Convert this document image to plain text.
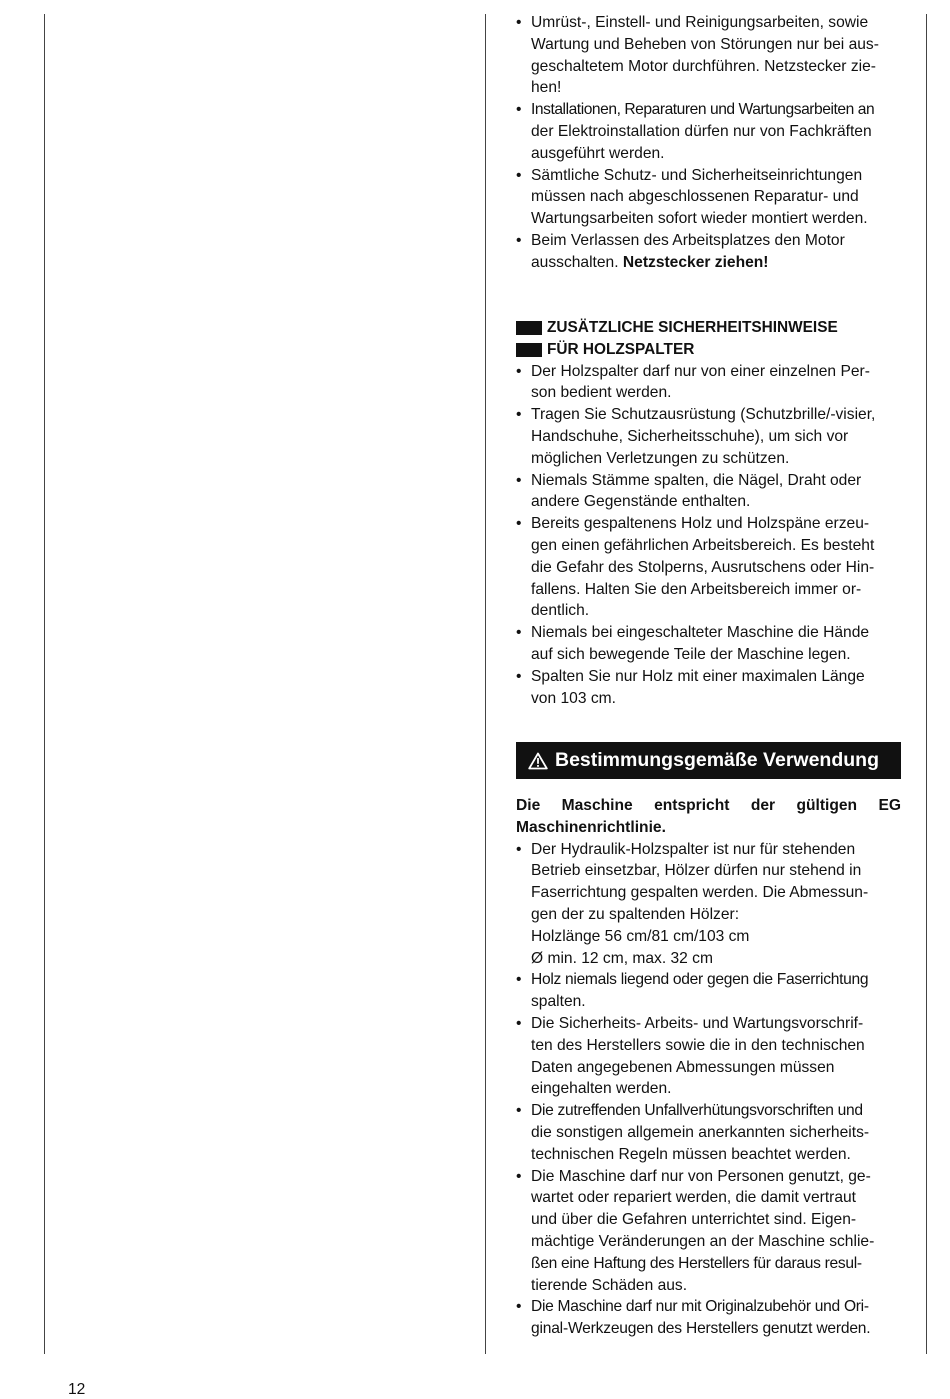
• Umrüst-, Einstell- und Reinigungsarbeiten, sowie
Wartung und Beheben von Störungen nur bei aus-
geschaltetem Motor durchführen. Netzstecker zie-
hen!
• Installationen, Reparaturen und Wartungsarbeiten an
der Elektroinstallation dürfen nur von Fachkräften
ausgeführt werden.
• Sämtliche Schutz- und Sicherheitseinrichtungen
müssen nach abgeschlossenen Reparatur- und
Wartungsarbeiten sofort wieder montiert werden.
• Beim Verlassen des Arbeitsplatzes den Motor
ausschalten. Netzstecker ziehen!
ZUSÄTZLICHE SICHERHEITSHINWEISE
FÜR HOLZSPALTER
• Der Holzspalter darf nur von einer einzelnen Per-
son bedient werden.
• Tragen Sie Schutzausrüstung (Schutzbrille/-visier,
Handschuhe, Sicherheitsschuhe), um sich vor
möglichen Verletzungen zu schützen.
• Niemals Stämme spalten, die Nägel, Draht oder
andere Gegenstände enthalten.
• Bereits gespaltenens Holz und Holzspäne erzeu-
gen einen gefährlichen Arbeitsbereich. Es besteht
die Gefahr des Stolperns, Ausrutschens oder Hin-
fallens. Halten Sie den Arbeitsbereich immer or-
dentlich.
• Niemals bei eingeschalteter Maschine die Hände
auf sich bewegende Teile der Maschine legen.
• Spalten Sie nur Holz mit einer maximalen Länge
von 103 cm.
Bestimmungsgemäße Verwendung
Die Maschine entspricht der gültigen EG
Maschinenrichtlinie.
• Der Hydraulik-Holzspalter ist nur für stehenden
Betrieb einsetzbar, Hölzer dürfen nur stehend in
Faserrichtung gespalten werden. Die Abmessun-
gen der zu spaltenden Hölzer:
Holzlänge 56 cm/81 cm/103 cm
Ø min. 12 cm, max. 32 cm
• Holz niemals liegend oder gegen die Faserrichtung
spalten.
• Die Sicherheits- Arbeits- und Wartungsvorschrif-
ten des Herstellers sowie die in den technischen
Daten angegebenen Abmessungen müssen
eingehalten werden.
• Die zutreffenden Unfallverhütungsvorschriften und
die sonstigen allgemein anerkannten sicherheits-
technischen Regeln müssen beachtet werden.
• Die Maschine darf nur von Personen genutzt, ge-
wartet oder repariert werden, die damit vertraut
und über die Gefahren unterrichtet sind. Eigen-
mächtige Veränderungen an der Maschine schlie-
ßen eine Haftung des Herstellers für daraus resul-
tierende Schäden aus.
• Die Maschine darf nur mit Originalzubehör und Ori-
ginal-Werkzeugen des Herstellers genutzt werden.
12
